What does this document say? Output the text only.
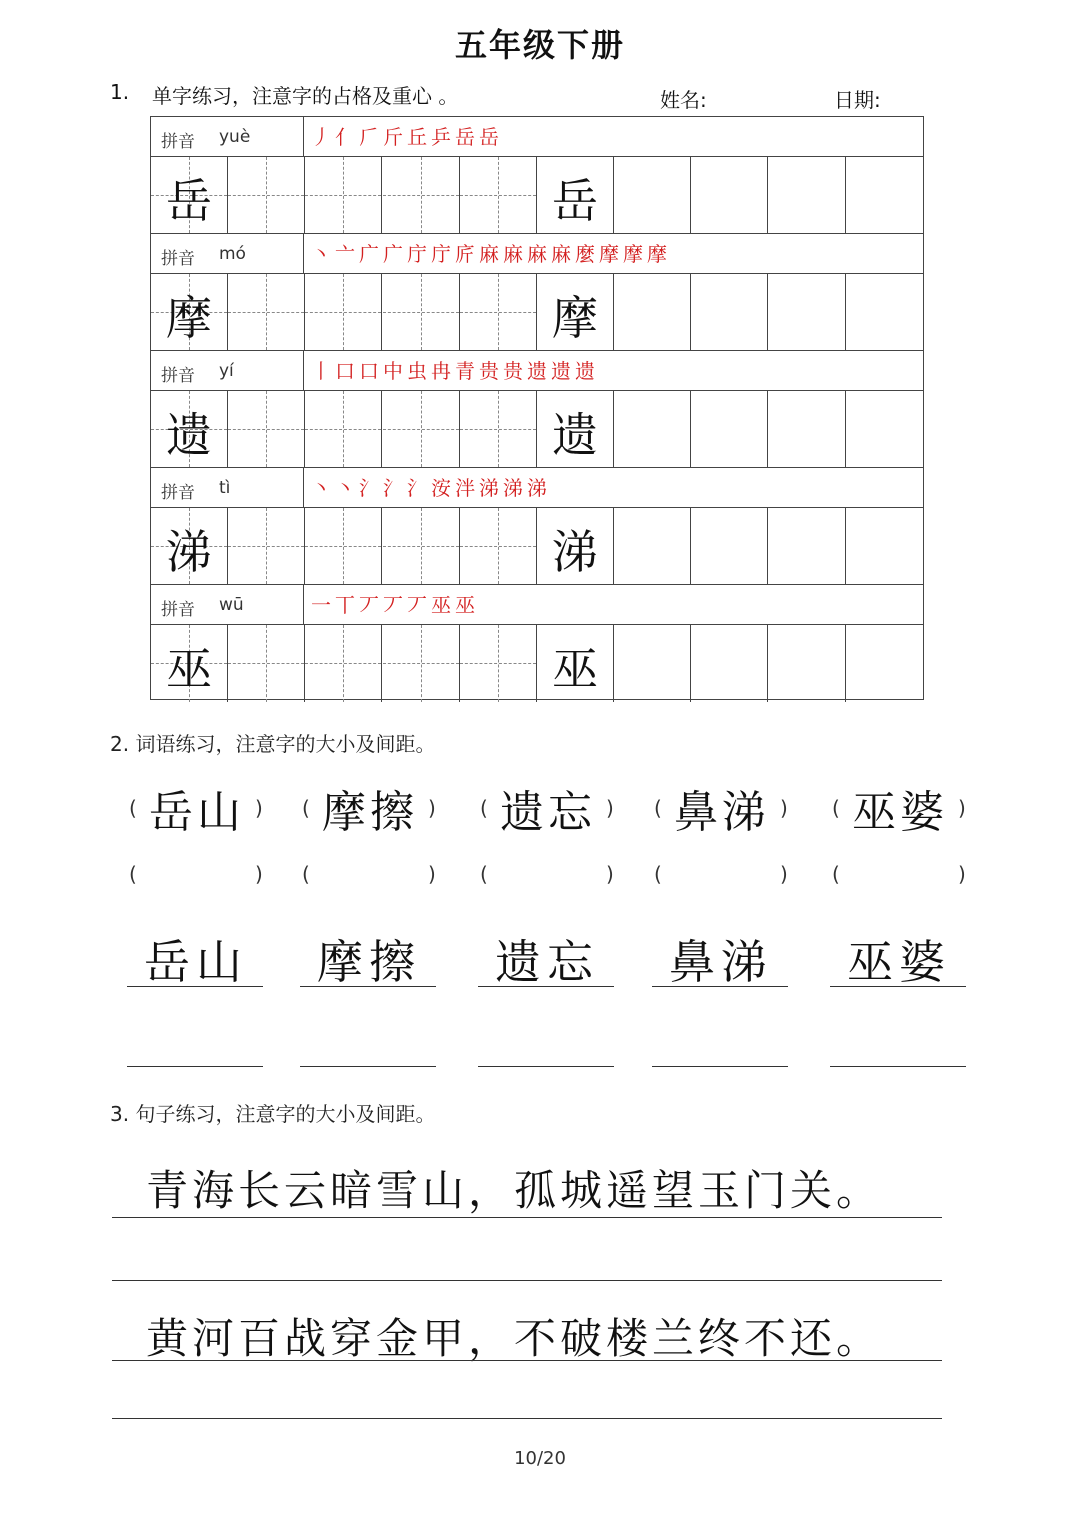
五年级下册
1. 单字练习，注意字的占格及重心 。	姓名:	日期:
拼音 yuè	丿亻𠂆斤丘乒岳岳
岳	岳
拼音 mó	丶亠广广庁庁庍麻麻麻麻麼摩摩摩
摩	摩
拼音 yí	丨口口中虫冉青贵贵遗遗遗
遗	遗
拼音 tì	丶丶氵氵氵洝泮涕涕涕
涕	涕
拼音 wū	一丅丆丆丆巫巫
巫	巫
2. 词语练习，注意字的大小及间距。
( 岳山 )
(	)
岳山
( 摩擦 )
(	)
摩擦
( 遗忘 )
(	)
遗忘
( 鼻涕 )
(	)
鼻涕
( 巫婆 )
(	)
巫婆
3. 句子练习，注意字的大小及间距。
青海长云暗雪山，孤城遥望玉门关。
黄河百战穿金甲，不破楼兰终不还。
10/20
